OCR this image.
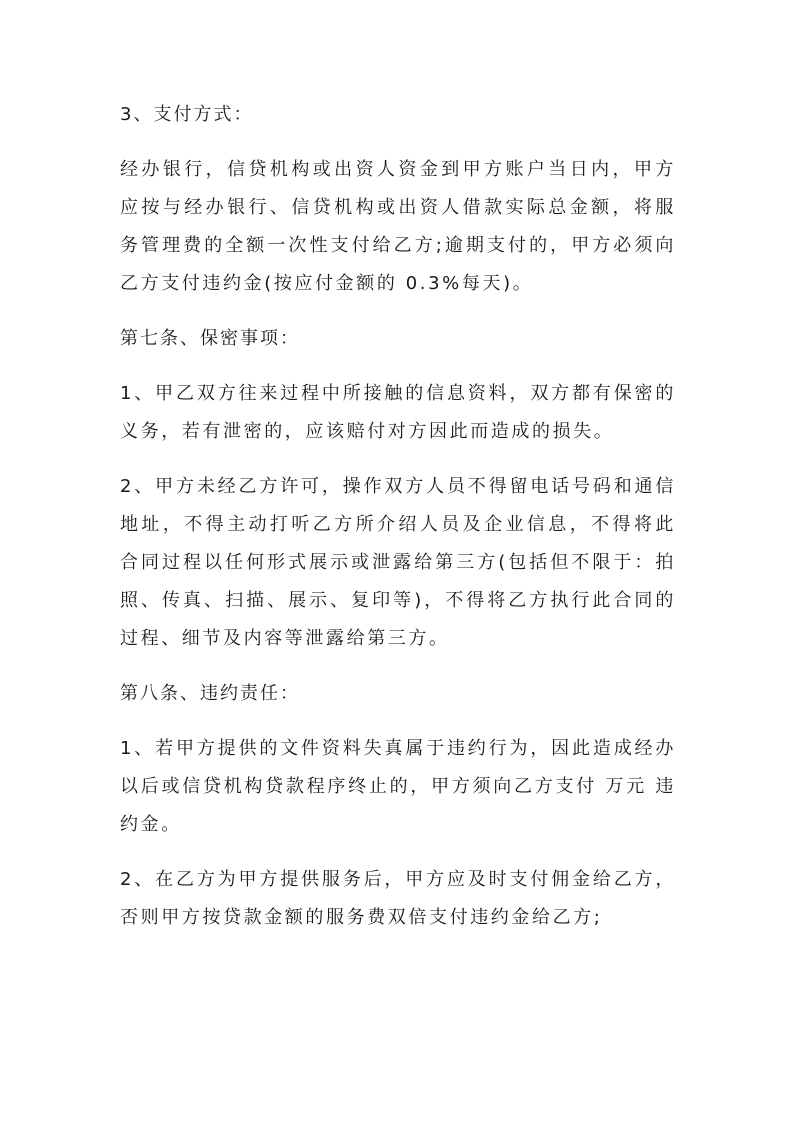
3、支付方式：

经办银行，信贷机构或出资人资金到甲方账户当日内，甲方应按与经办银行、信贷机构或出资人借款实际总金额，将服务管理费的全额一次性支付给乙方;逾期支付的，甲方必须向乙方支付违约金(按应付金额的 0.3%每天)。

第七条、保密事项：

1、甲乙双方往来过程中所接触的信息资料，双方都有保密的义务，若有泄密的，应该赔付对方因此而造成的损失。

2、甲方未经乙方许可，操作双方人员不得留电话号码和通信地址，不得主动打听乙方所介绍人员及企业信息，不得将此合同过程以任何形式展示或泄露给第三方(包括但不限于：拍照、传真、扫描、展示、复印等)，不得将乙方执行此合同的过程、细节及内容等泄露给第三方。

第八条、违约责任：

1、若甲方提供的文件资料失真属于违约行为，因此造成经办以后或信贷机构贷款程序终止的，甲方须向乙方支付 万元 违约金。

2、在乙方为甲方提供服务后，甲方应及时支付佣金给乙方，否则甲方按贷款金额的服务费双倍支付违约金给乙方;
